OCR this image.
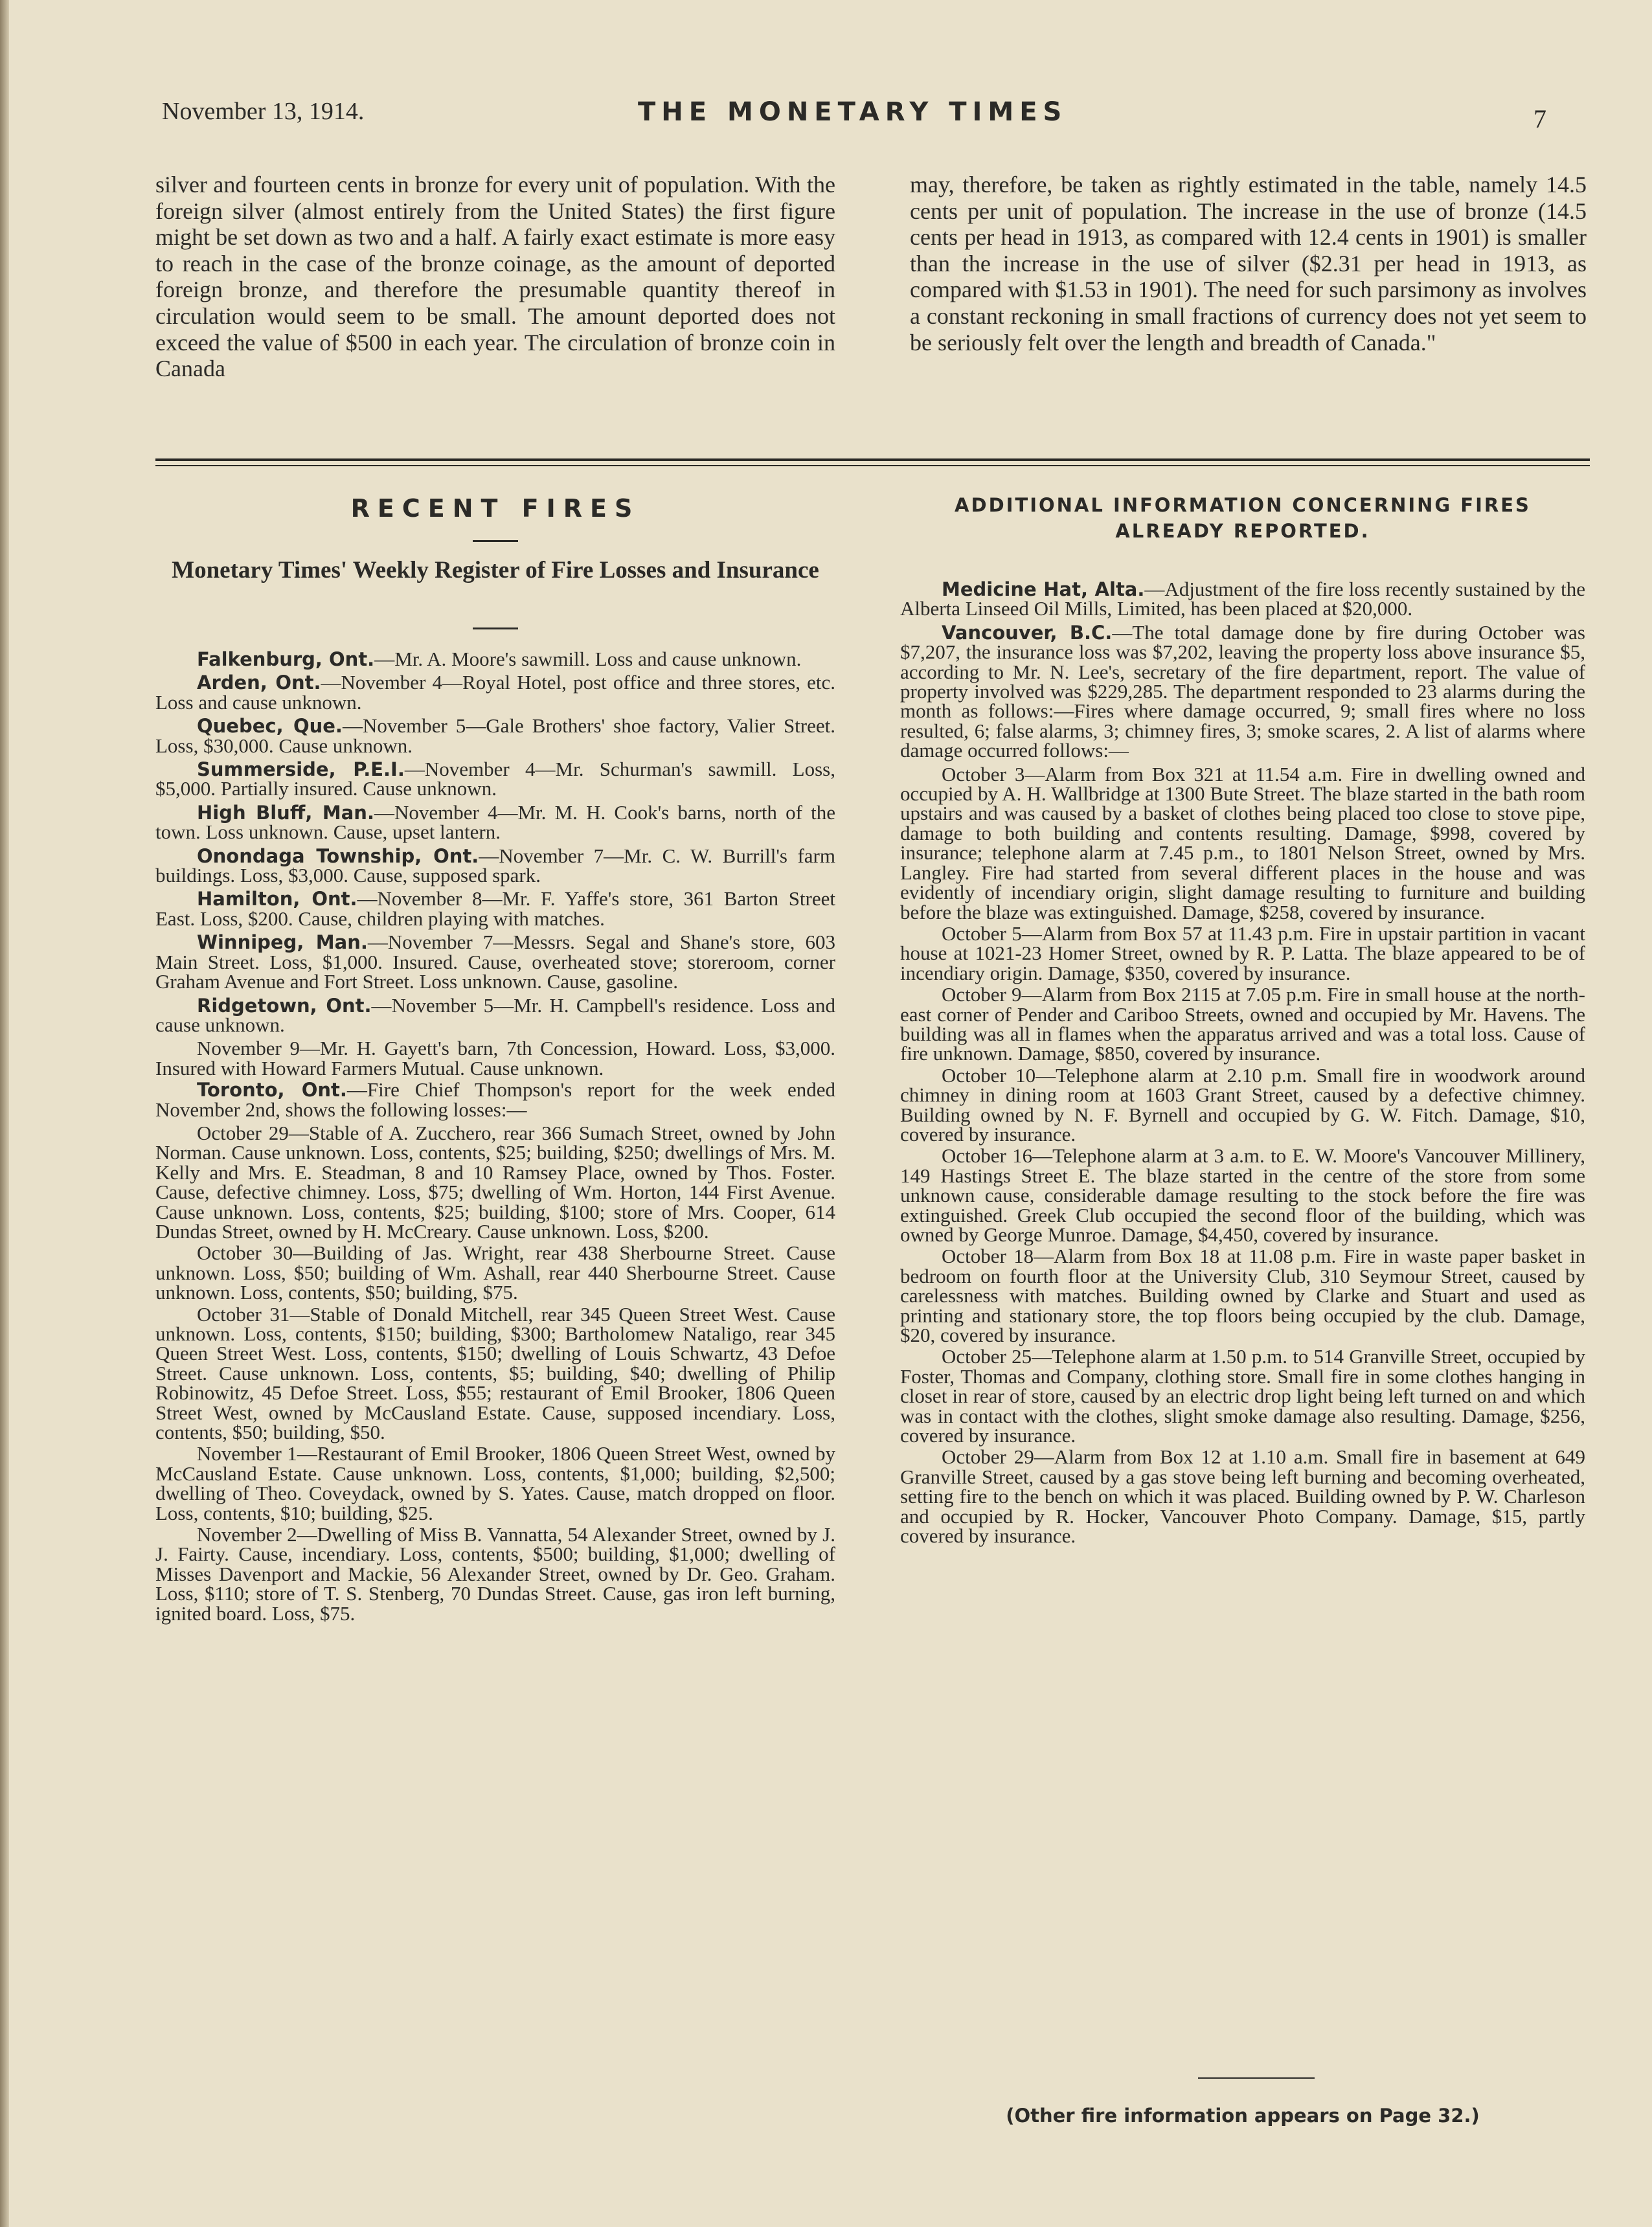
November 13, 1914.	THE MONETARY TIMES	7
silver and fourteen cents in bronze for every unit of population. With the foreign silver (almost entirely from the United States) the first figure might be set down as two and a half. A fairly exact estimate is more easy to reach in the case of the bronze coinage, as the amount of deported foreign bronze, and therefore the presumable quantity thereof in circulation would seem to be small. The amount deported does not exceed the value of $500 in each year. The circulation of bronze coin in Canada
may, therefore, be taken as rightly estimated in the table, namely 14.5 cents per unit of population. The increase in the use of bronze (14.5 cents per head in 1913, as compared with 12.4 cents in 1901) is smaller than the increase in the use of silver ($2.31 per head in 1913, as compared with $1.53 in 1901). The need for such parsimony as involves a constant reckoning in small fractions of currency does not yet seem to be seriously felt over the length and breadth of Canada."
RECENT FIRES
Monetary Times' Weekly Register of Fire Losses and Insurance

Falkenburg, Ont.—Mr. A. Moore's sawmill. Loss and cause unknown.

Arden, Ont.—November 4—Royal Hotel, post office and three stores, etc. Loss and cause unknown.

Quebec, Que.—November 5—Gale Brothers' shoe factory, Valier Street. Loss, $30,000. Cause unknown.

Summerside, P.E.I.—November 4—Mr. Schurman's sawmill. Loss, $5,000. Partially insured. Cause unknown.

High Bluff, Man.—November 4—Mr. M. H. Cook's barns, north of the town. Loss unknown. Cause, upset lantern.

Onondaga Township, Ont.—November 7—Mr. C. W. Burrill's farm buildings. Loss, $3,000. Cause, supposed spark.

Hamilton, Ont.—November 8—Mr. F. Yaffe's store, 361 Barton Street East. Loss, $200. Cause, children playing with matches.

Winnipeg, Man.—November 7—Messrs. Segal and Shane's store, 603 Main Street. Loss, $1,000. Insured. Cause, overheated stove; storeroom, corner Graham Avenue and Fort Street. Loss unknown. Cause, gasoline.

Ridgetown, Ont.—November 5—Mr. H. Campbell's residence. Loss and cause unknown.

November 9—Mr. H. Gayett's barn, 7th Concession, Howard. Loss, $3,000. Insured with Howard Farmers Mutual. Cause unknown.

Toronto, Ont.—Fire Chief Thompson's report for the week ended November 2nd, shows the following losses:—

October 29—Stable of A. Zucchero, rear 366 Sumach Street, owned by John Norman. Cause unknown. Loss, contents, $25; building, $250; dwellings of Mrs. M. Kelly and Mrs. E. Steadman, 8 and 10 Ramsey Place, owned by Thos. Foster. Cause, defective chimney. Loss, $75; dwelling of Wm. Horton, 144 First Avenue. Cause unknown. Loss, contents, $25; building, $100; store of Mrs. Cooper, 614 Dundas Street, owned by H. McCreary. Cause unknown. Loss, $200.

October 30—Building of Jas. Wright, rear 438 Sherbourne Street. Cause unknown. Loss, $50; building of Wm. Ashall, rear 440 Sherbourne Street. Cause unknown. Loss, contents, $50; building, $75.

October 31—Stable of Donald Mitchell, rear 345 Queen Street West. Cause unknown. Loss, contents, $150; building, $300; Bartholomew Nataligo, rear 345 Queen Street West. Loss, contents, $150; dwelling of Louis Schwartz, 43 Defoe Street. Cause unknown. Loss, contents, $5; building, $40; dwelling of Philip Robinowitz, 45 Defoe Street. Loss, $55; restaurant of Emil Brooker, 1806 Queen Street West, owned by McCausland Estate. Cause, supposed incendiary. Loss, contents, $50; building, $50.

November 1—Restaurant of Emil Brooker, 1806 Queen Street West, owned by McCausland Estate. Cause unknown. Loss, contents, $1,000; building, $2,500; dwelling of Theo. Coveydack, owned by S. Yates. Cause, match dropped on floor. Loss, contents, $10; building, $25.

November 2—Dwelling of Miss B. Vannatta, 54 Alexander Street, owned by J. J. Fairty. Cause, incendiary. Loss, contents, $500; building, $1,000; dwelling of Misses Davenport and Mackie, 56 Alexander Street, owned by Dr. Geo. Graham. Loss, $110; store of T. S. Stenberg, 70 Dundas Street. Cause, gas iron left burning, ignited board. Loss, $75.

ADDITIONAL INFORMATION CONCERNING FIRES ALREADY REPORTED.

Medicine Hat, Alta.—Adjustment of the fire loss recently sustained by the Alberta Linseed Oil Mills, Limited, has been placed at $20,000.

Vancouver, B.C.—The total damage done by fire during October was $7,207, the insurance loss was $7,202, leaving the property loss above insurance $5, according to Mr. N. Lee's, secretary of the fire department, report. The value of property involved was $229,285. The department responded to 23 alarms during the month as follows:—Fires where damage occurred, 9; small fires where no loss resulted, 6; false alarms, 3; chimney fires, 3; smoke scares, 2. A list of alarms where damage occurred follows:—

October 3—Alarm from Box 321 at 11.54 a.m. Fire in dwelling owned and occupied by A. H. Wallbridge at 1300 Bute Street. The blaze started in the bath room upstairs and was caused by a basket of clothes being placed too close to stove pipe, damage to both building and contents resulting. Damage, $998, covered by insurance; telephone alarm at 7.45 p.m., to 1801 Nelson Street, owned by Mrs. Langley. Fire had started from several different places in the house and was evidently of incendiary origin, slight damage resulting to furniture and building before the blaze was extinguished. Damage, $258, covered by insurance.

October 5—Alarm from Box 57 at 11.43 p.m. Fire in upstair partition in vacant house at 1021-23 Homer Street, owned by R. P. Latta. The blaze appeared to be of incendiary origin. Damage, $350, covered by insurance.

October 9—Alarm from Box 2115 at 7.05 p.m. Fire in small house at the north-east corner of Pender and Cariboo Streets, owned and occupied by Mr. Havens. The building was all in flames when the apparatus arrived and was a total loss. Cause of fire unknown. Damage, $850, covered by insurance.

October 10—Telephone alarm at 2.10 p.m. Small fire in woodwork around chimney in dining room at 1603 Grant Street, caused by a defective chimney. Building owned by N. F. Byrnell and occupied by G. W. Fitch. Damage, $10, covered by insurance.

October 16—Telephone alarm at 3 a.m. to E. W. Moore's Vancouver Millinery, 149 Hastings Street E. The blaze started in the centre of the store from some unknown cause, considerable damage resulting to the stock before the fire was extinguished. Greek Club occupied the second floor of the building, which was owned by George Munroe. Damage, $4,450, covered by insurance.

October 18—Alarm from Box 18 at 11.08 p.m. Fire in waste paper basket in bedroom on fourth floor at the University Club, 310 Seymour Street, caused by carelessness with matches. Building owned by Clarke and Stuart and used as printing and stationary store, the top floors being occupied by the club. Damage, $20, covered by insurance.

October 25—Telephone alarm at 1.50 p.m. to 514 Granville Street, occupied by Foster, Thomas and Company, clothing store. Small fire in some clothes hanging in closet in rear of store, caused by an electric drop light being left turned on and which was in contact with the clothes, slight smoke damage also resulting. Damage, $256, covered by insurance.

October 29—Alarm from Box 12 at 1.10 a.m. Small fire in basement at 649 Granville Street, caused by a gas stove being left burning and becoming overheated, setting fire to the bench on which it was placed. Building owned by P. W. Charleson and occupied by R. Hocker, Vancouver Photo Company. Damage, $15, partly covered by insurance.

(Other fire information appears on Page 32.)
